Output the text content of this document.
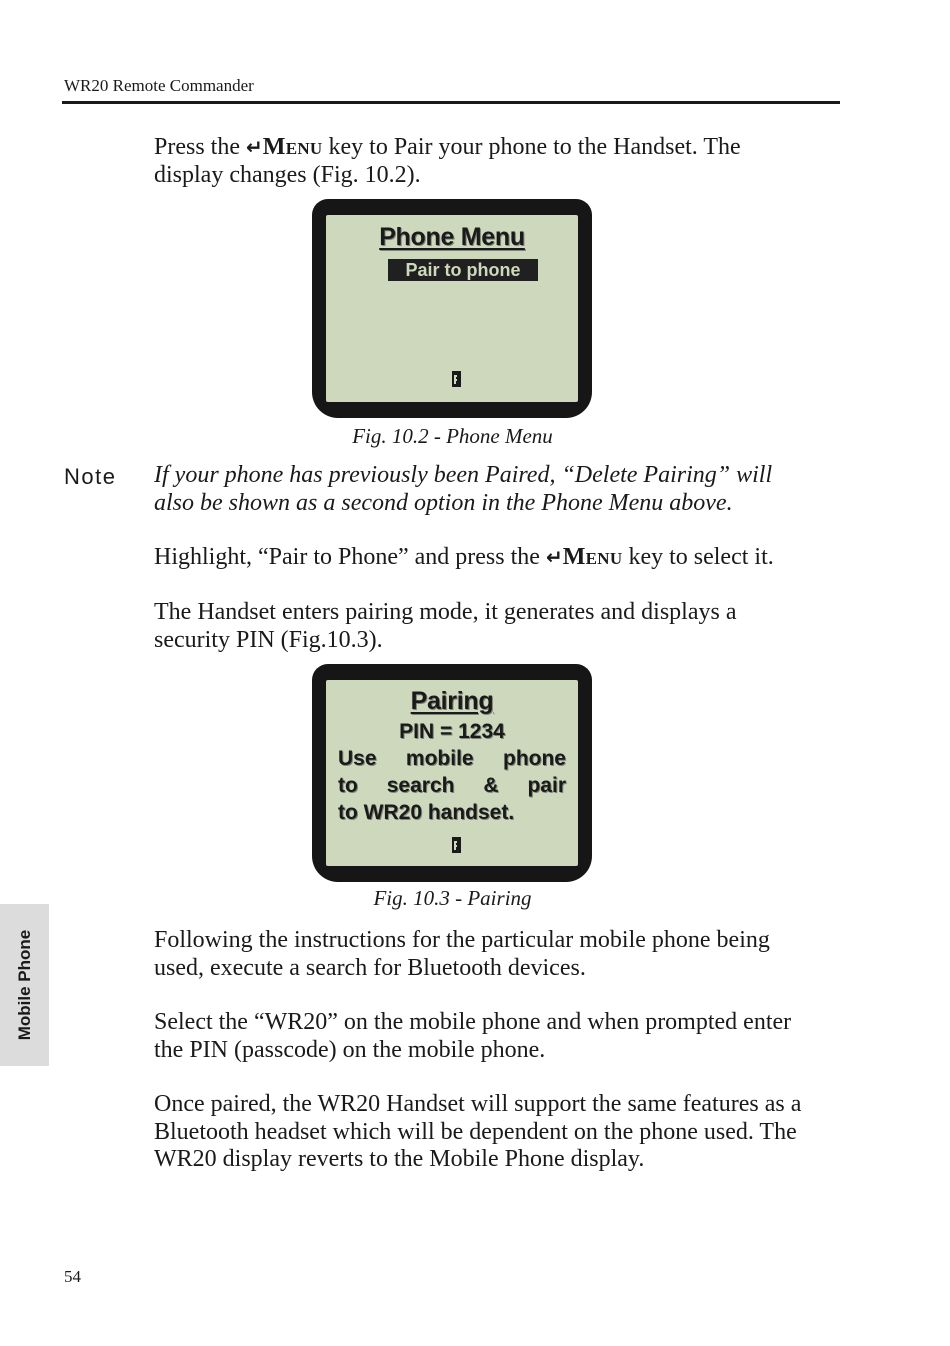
WR20 Remote Commander
Press the ↵Menu key to Pair your phone to the Handset. The
display changes (Fig. 10.2).
Phone Menu
Pair to phone
Fig. 10.2 - Phone Menu
Note If your phone has previously been Paired, “Delete Pairing” will
also be shown as a second option in the Phone Menu above.
Highlight, “Pair to Phone” and press the ↵Menu key to select it.
The Handset enters pairing mode, it generates and displays a
security PIN (Fig.10.3).
Pairing
PIN = 1234
Use mobile phone
to search & pair
to WR20 handset.
Fig. 10.3 - Pairing
Following the instructions for the particular mobile phone being
used, execute a search for Bluetooth devices.
Select the “WR20” on the mobile phone and when prompted enter
the PIN (passcode) on the mobile phone.
Once paired, the WR20 Handset will support the same features as a
Bluetooth headset which will be dependent on the phone used. The
WR20 display reverts to the Mobile Phone display.
Mobile Phone
54
